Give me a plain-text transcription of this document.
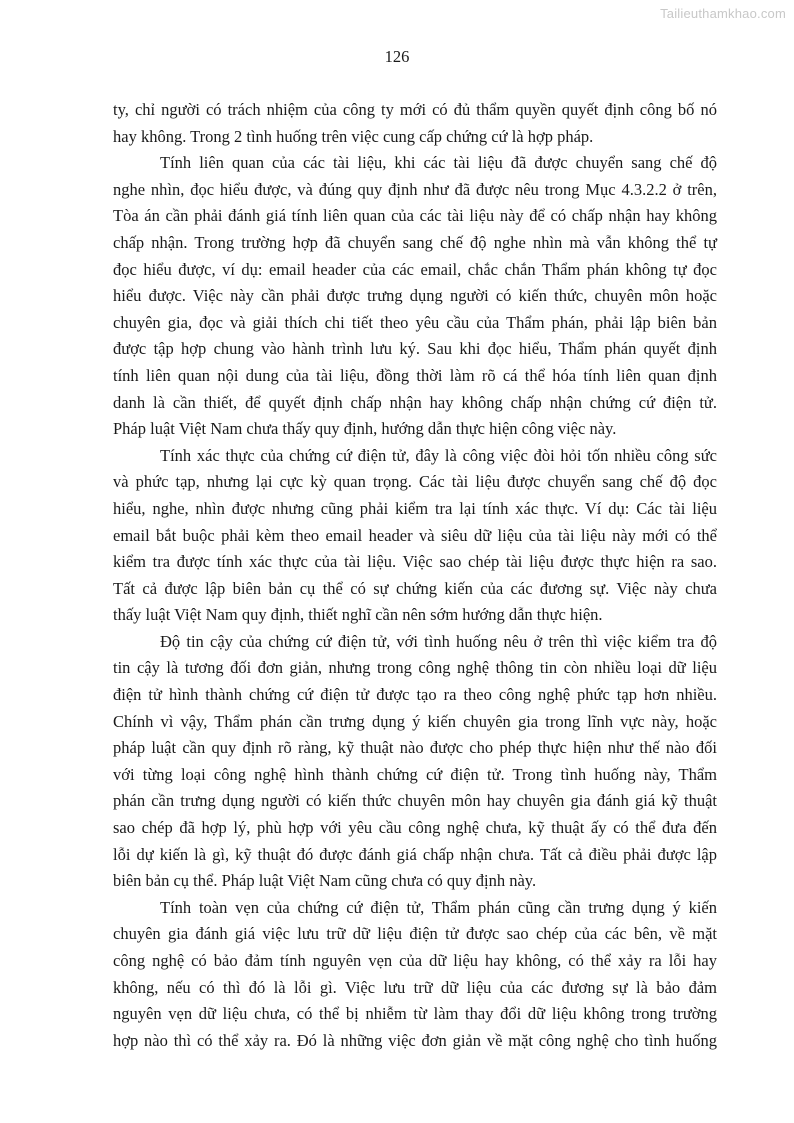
Tailieuthamkhao.com
126
ty, chỉ người có trách nhiệm của công ty mới có đủ thẩm quyền quyết định công bố nó
hay không. Trong 2 tình huống trên việc cung cấp chứng cứ là hợp pháp.
Tính liên quan của các tài liệu, khi các tài liệu đã được chuyển sang chế độ
nghe nhìn, đọc hiểu được, và đúng quy định như đã được nêu trong Mục 4.3.2.2 ở trên,
Tòa án cần phải đánh giá tính liên quan của các tài liệu này để có chấp nhận hay không
chấp nhận. Trong trường hợp đã chuyển sang chế độ nghe nhìn mà vẫn không thể tự
đọc hiểu được, ví dụ: email header của các email, chắc chắn Thẩm phán không tự đọc
hiểu được. Việc này cần phải được trưng dụng người có kiến thức, chuyên môn hoặc
chuyên gia, đọc và giải thích chi tiết theo yêu cầu của Thẩm phán, phải lập biên bản
được tập hợp chung vào hành trình lưu ký. Sau khi đọc hiểu, Thẩm phán quyết định
tính liên quan nội dung của tài liệu, đồng thời làm rõ cá thể hóa tính liên quan định
danh là cần thiết, để quyết định chấp nhận hay không chấp nhận chứng cứ điện tử.
Pháp luật Việt Nam chưa thấy quy định, hướng dẫn thực hiện công việc này.
Tính xác thực của chứng cứ điện tử, đây là công việc đòi hỏi tốn nhiều công sức
và phức tạp, nhưng lại cực kỳ quan trọng. Các tài liệu được chuyển sang chế độ đọc
hiểu, nghe, nhìn được nhưng cũng phải kiểm tra lại tính xác thực. Ví dụ: Các tài liệu
email bắt buộc phải kèm theo email header và siêu dữ liệu của tài liệu này mới có thể
kiểm tra được tính xác thực của tài liệu. Việc sao chép tài liệu được thực hiện ra sao.
Tất cả được lập biên bản cụ thể có sự chứng kiến của các đương sự. Việc này chưa
thấy luật Việt Nam quy định, thiết nghĩ cần nên sớm hướng dẫn thực hiện.
Độ tin cậy của chứng cứ điện tử, với tình huống nêu ở trên thì việc kiểm tra độ
tin cậy là tương đối đơn giản, nhưng trong công nghệ thông tin còn nhiều loại dữ liệu
điện tử hình thành chứng cứ điện tử được tạo ra theo công nghệ phức tạp hơn nhiều.
Chính vì vậy, Thẩm phán cần trưng dụng ý kiến chuyên gia trong lĩnh vực này, hoặc
pháp luật cần quy định rõ ràng, kỹ thuật nào được cho phép thực hiện như thế nào đối
với từng loại công nghệ hình thành chứng cứ điện tử. Trong tình huống này, Thẩm
phán cần trưng dụng người có kiến thức chuyên môn hay chuyên gia đánh giá kỹ thuật
sao chép đã hợp lý, phù hợp với yêu cầu công nghệ chưa, kỹ thuật ấy có thể đưa đến
lỗi dự kiến là gì, kỹ thuật đó được đánh giá chấp nhận chưa. Tất cả điều phải được lập
biên bản cụ thể. Pháp luật Việt Nam cũng chưa có quy định này.
Tính toàn vẹn của chứng cứ điện tử, Thẩm phán cũng cần trưng dụng ý kiến
chuyên gia đánh giá việc lưu trữ dữ liệu điện tử được sao chép của các bên, về mặt
công nghệ có bảo đảm tính nguyên vẹn của dữ liệu hay không, có thể xảy ra lỗi hay
không, nếu có thì đó là lỗi gì. Việc lưu trữ dữ liệu của các đương sự là bảo đảm
nguyên vẹn dữ liệu chưa, có thể bị nhiễm từ làm thay đổi dữ liệu không trong trường
hợp nào thì có thể xảy ra. Đó là những việc đơn giản về mặt công nghệ cho tình huống
